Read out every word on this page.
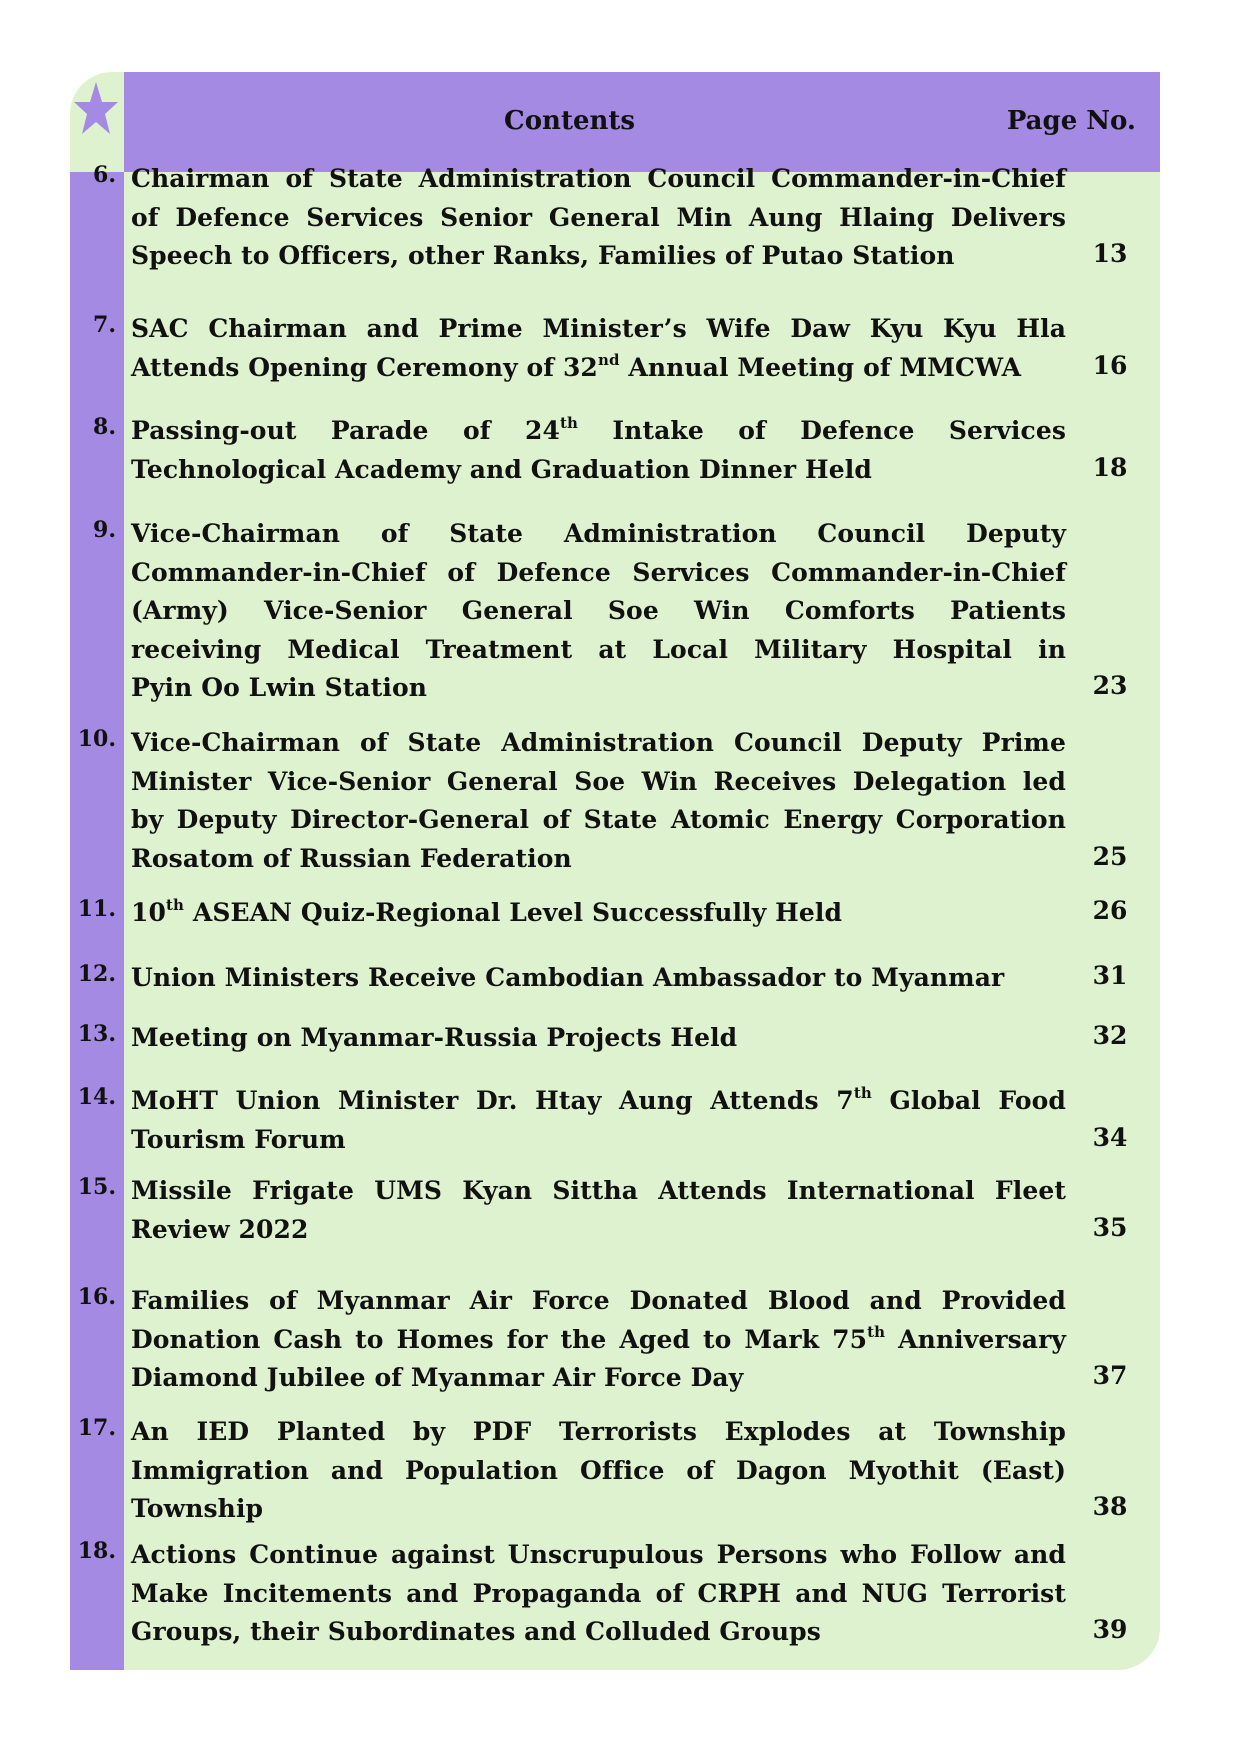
Contents	Page No.
6. Chairman of State Administration Council Commander-in-Chief
of Defence Services Senior General Min Aung Hlaing Delivers
Speech to Officers, other Ranks, Families of Putao Station	13
7. SAC Chairman and Prime Minister’s Wife Daw Kyu Kyu Hla
Attends Opening Ceremony of 32nd Annual Meeting of MMCWA	16
8. Passing-out Parade of 24th Intake of Defence Services
Technological Academy and Graduation Dinner Held	18
9. Vice-Chairman of State Administration Council Deputy
Commander-in-Chief of Defence Services Commander-in-Chief
(Army) Vice-Senior General Soe Win Comforts Patients
receiving Medical Treatment at Local Military Hospital in
Pyin Oo Lwin Station	23
10. Vice-Chairman of State Administration Council Deputy Prime
Minister Vice-Senior General Soe Win Receives Delegation led
by Deputy Director-General of State Atomic Energy Corporation
Rosatom of Russian Federation	25
11. 10th ASEAN Quiz-Regional Level Successfully Held	26
12. Union Ministers Receive Cambodian Ambassador to Myanmar	31
13. Meeting on Myanmar-Russia Projects Held	32
14. MoHT Union Minister Dr. Htay Aung Attends 7th Global Food
Tourism Forum	34
15. Missile Frigate UMS Kyan Sittha Attends International Fleet
Review 2022	35
16. Families of Myanmar Air Force Donated Blood and Provided
Donation Cash to Homes for the Aged to Mark 75th Anniversary
Diamond Jubilee of Myanmar Air Force Day	37
17. An IED Planted by PDF Terrorists Explodes at Township
Immigration and Population Office of Dagon Myothit (East)
Township	38
18. Actions Continue against Unscrupulous Persons who Follow and
Make Incitements and Propaganda of CRPH and NUG Terrorist
Groups, their Subordinates and Colluded Groups	39
